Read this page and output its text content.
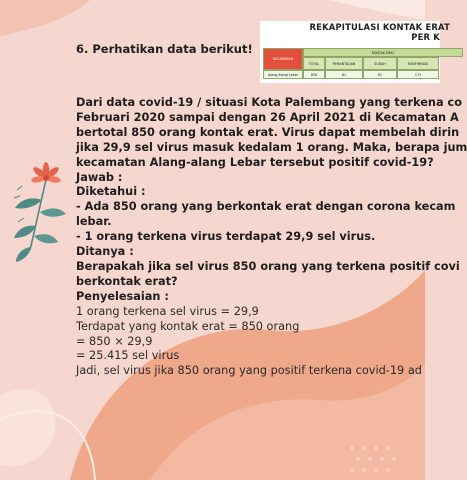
6. Perhatikan data berikut!
REKAPITULASI KONTAK ERAT
PER K
KECAMATAN
KONTAK ERAT
TOTAL	PEMANTAUAN	SUDAH	KONFIRMASI
Alang-Alang Lebar	850	61	81	173

Dari data covid-19 / situasi Kota Palembang yang terkena co

Februari 2020 sampai dengan 26 April 2021 di Kecamatan A

bertotal 850 orang kontak erat. Virus dapat membelah dirin

jika 29,9 sel virus masuk kedalam 1 orang. Maka, berapa jum

kecamatan Alang-alang Lebar tersebut positif covid-19?

Jawab :

Diketahui :

- Ada 850 orang yang berkontak erat dengan corona kecam

lebar.

- 1 orang terkena virus terdapat 29,9 sel virus.

Ditanya :

Berapakah jika sel virus 850 orang yang terkena positif covi

berkontak erat?

Penyelesaian :

1 orang terkena sel virus = 29,9

Terdapat yang kontak erat = 850 orang

= 850 × 29,9

= 25.415 sel virus

Jadi, sel virus jika 850 orang yang positif terkena covid-19 ad
